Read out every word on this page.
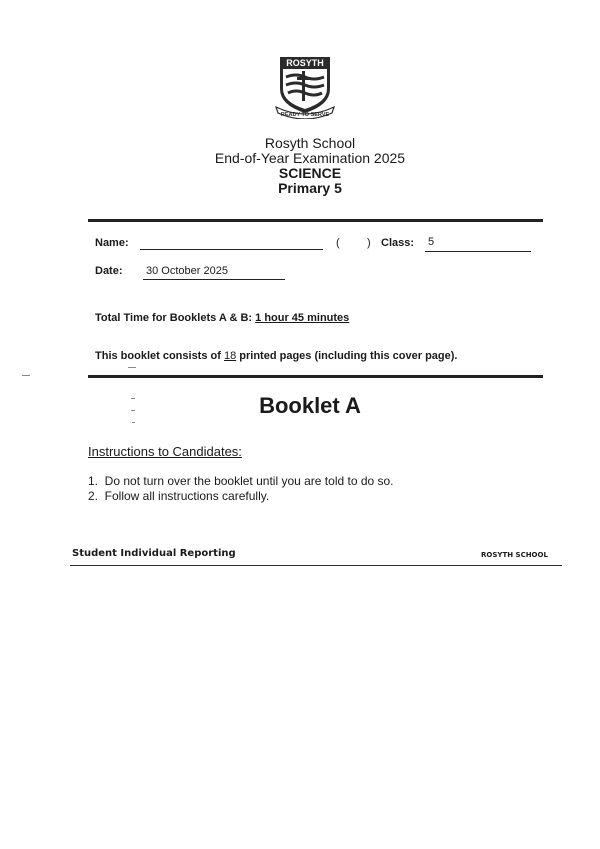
ROSYTH
READY TO SERVE
Rosyth School
End-of-Year Examination 2025
SCIENCE
Primary 5
Name:	( ) Class: 5
Date: 30 October 2025
Total Time for Booklets A & B: 1 hour 45 minutes
This booklet consists of 18 printed pages (including this cover page).
Booklet A
Instructions to Candidates:
1.  Do not turn over the booklet until you are told to do so.
2.  Follow all instructions carefully.
Student Individual Reporting	ROSYTH SCHOOL
